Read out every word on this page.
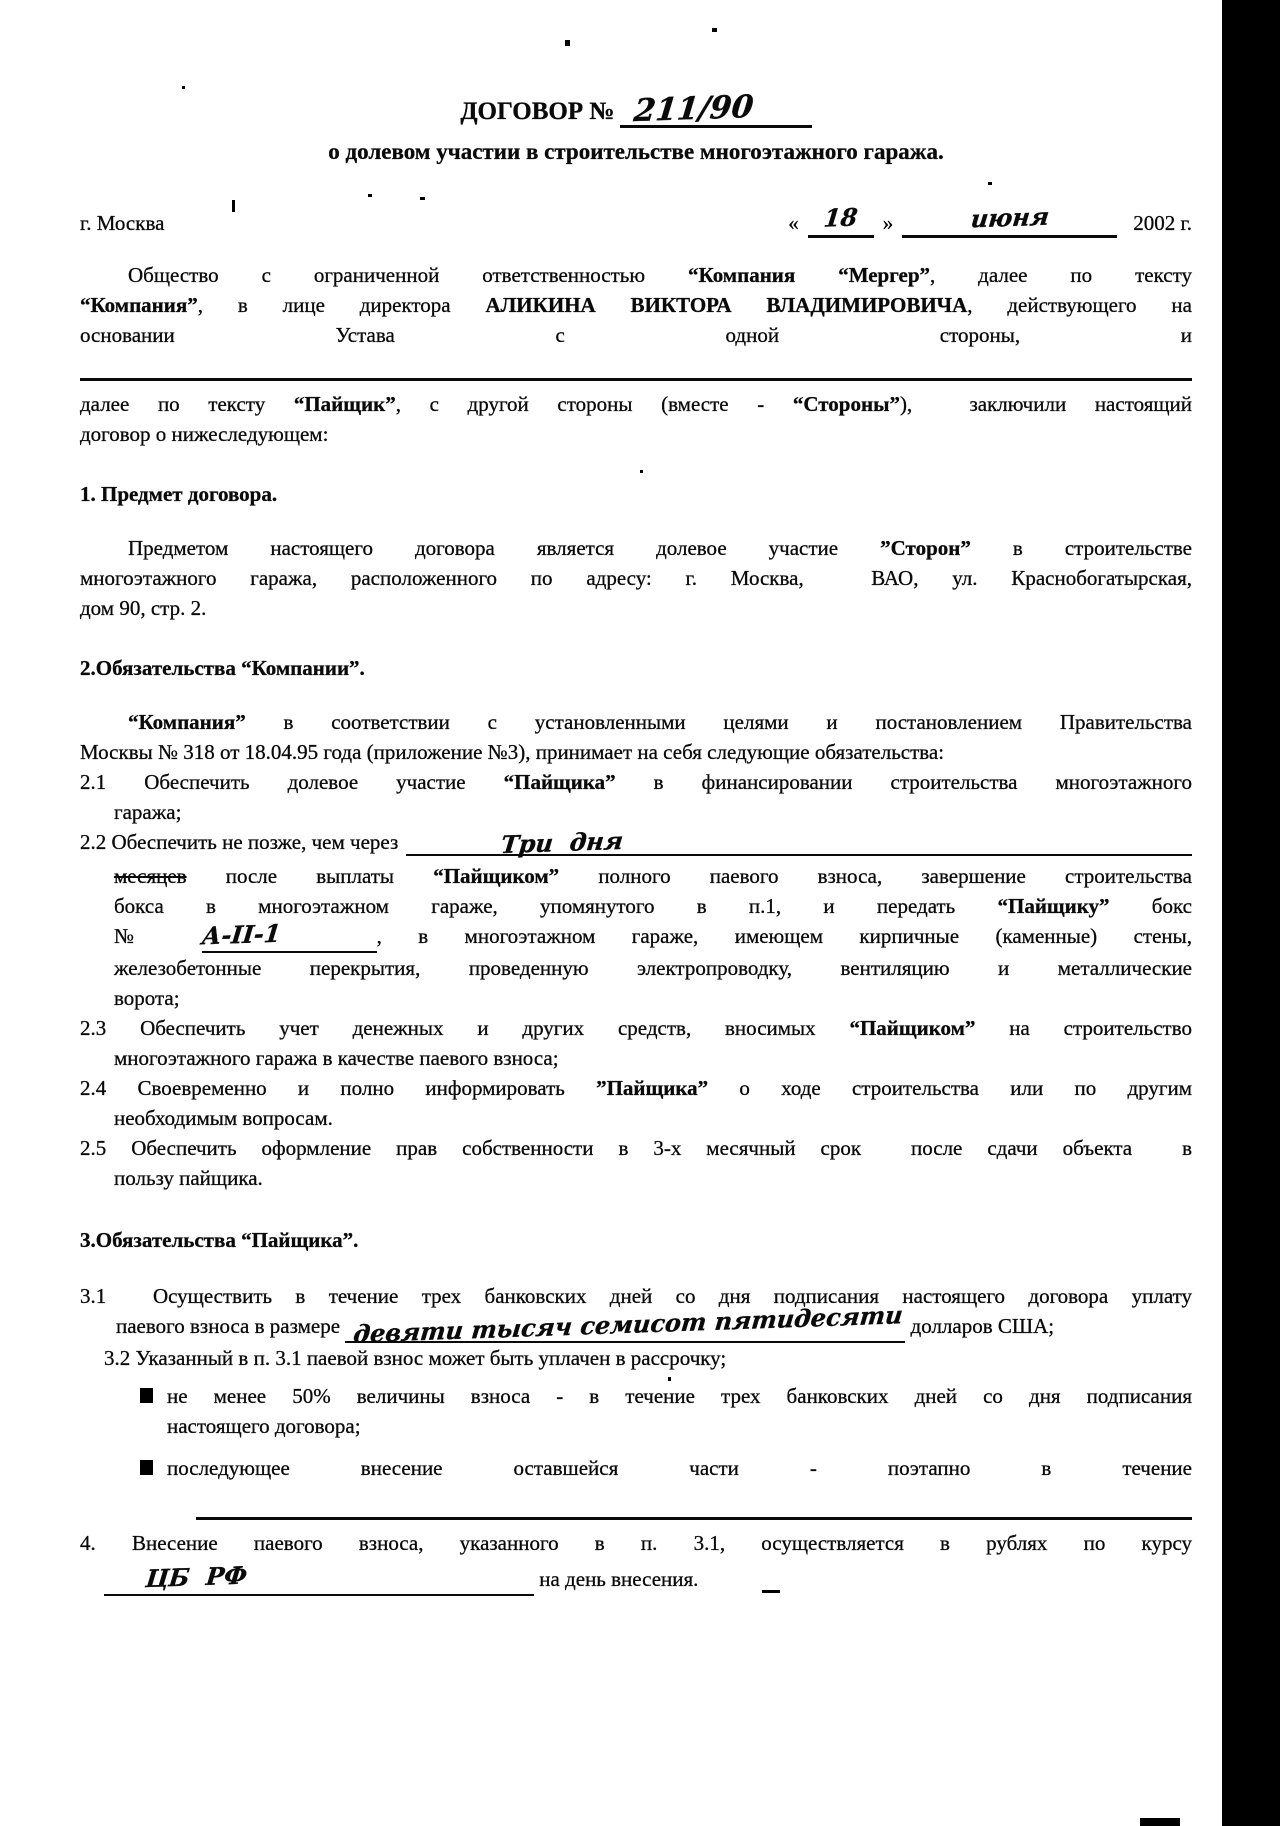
ДОГОВОР № 211/90
о долевом участии в строительстве многоэтажного гаража.
г. Москва	« 18	»	июня	2002 г.
Общество с ограниченной ответственностью “Компания “Мергер”, далее по тексту
“Компания”, в лице директора АЛИКИНА ВИКТОРА ВЛАДИМИРОВИЧА, действующего на
основании Устава с одной стороны, и
далее по тексту “Пайщик”, с другой стороны (вместе - “Стороны”),  заключили настоящий
договор о нижеследующем:
1. Предмет договора.
Предметом настоящего договора является долевое участие ”Сторон” в строительстве
многоэтажного гаража, расположенного по адресу: г. Москва,  ВАО, ул. Краснобогатырская,
дом 90, стр. 2.
2.Обязательства “Компании”.
“Компания” в соответствии с установленными целями и постановлением Правительства
Москвы № 318 от 18.04.95 года (приложение №3), принимает на себя следующие обязательства:
2.1 Обеспечить долевое участие “Пайщика” в финансировании строительства многоэтажного
гаража;
2.2 Обеспечить не позже, чем через	Три  дня
месяцев после выплаты “Пайщиком” полного паевого взноса, завершение строительства
бокса в многоэтажном гараже, упомянутого в п.1, и передать “Пайщику” бокс
№ А-II-1	, в многоэтажном гараже, имеющем кирпичные (каменные) стены,
железобетонные перекрытия, проведенную электропроводку, вентиляцию и металлические
ворота;
2.3 Обеспечить учет денежных и других средств, вносимых “Пайщиком” на строительство
многоэтажного гаража в качестве паевого взноса;
2.4 Своевременно и полно информировать ”Пайщика” о ходе строительства или по другим
необходимым вопросам.
2.5 Обеспечить оформление прав собственности в 3-х месячный срок  после сдачи объекта  в
пользу пайщика.
3.Обязательства “Пайщика”.
3.1  Осуществить в течение трех банковских дней со дня подписания настоящего договора уплату
паевого взноса в размере  девяти тысяч семисот пятидесяти долларов США;
3.2 Указанный в п. 3.1 паевой взнос может быть уплачен в рассрочку;
не менее 50% величины взноса - в течение трех банковских дней со дня подписания
настоящего договора;
последующее внесение оставшейся части - поэтапно в течение
4. Внесение паевого взноса, указанного в п. 3.1, осуществляется в рублях по курсу
ЦБ  РФ	на день внесения.
